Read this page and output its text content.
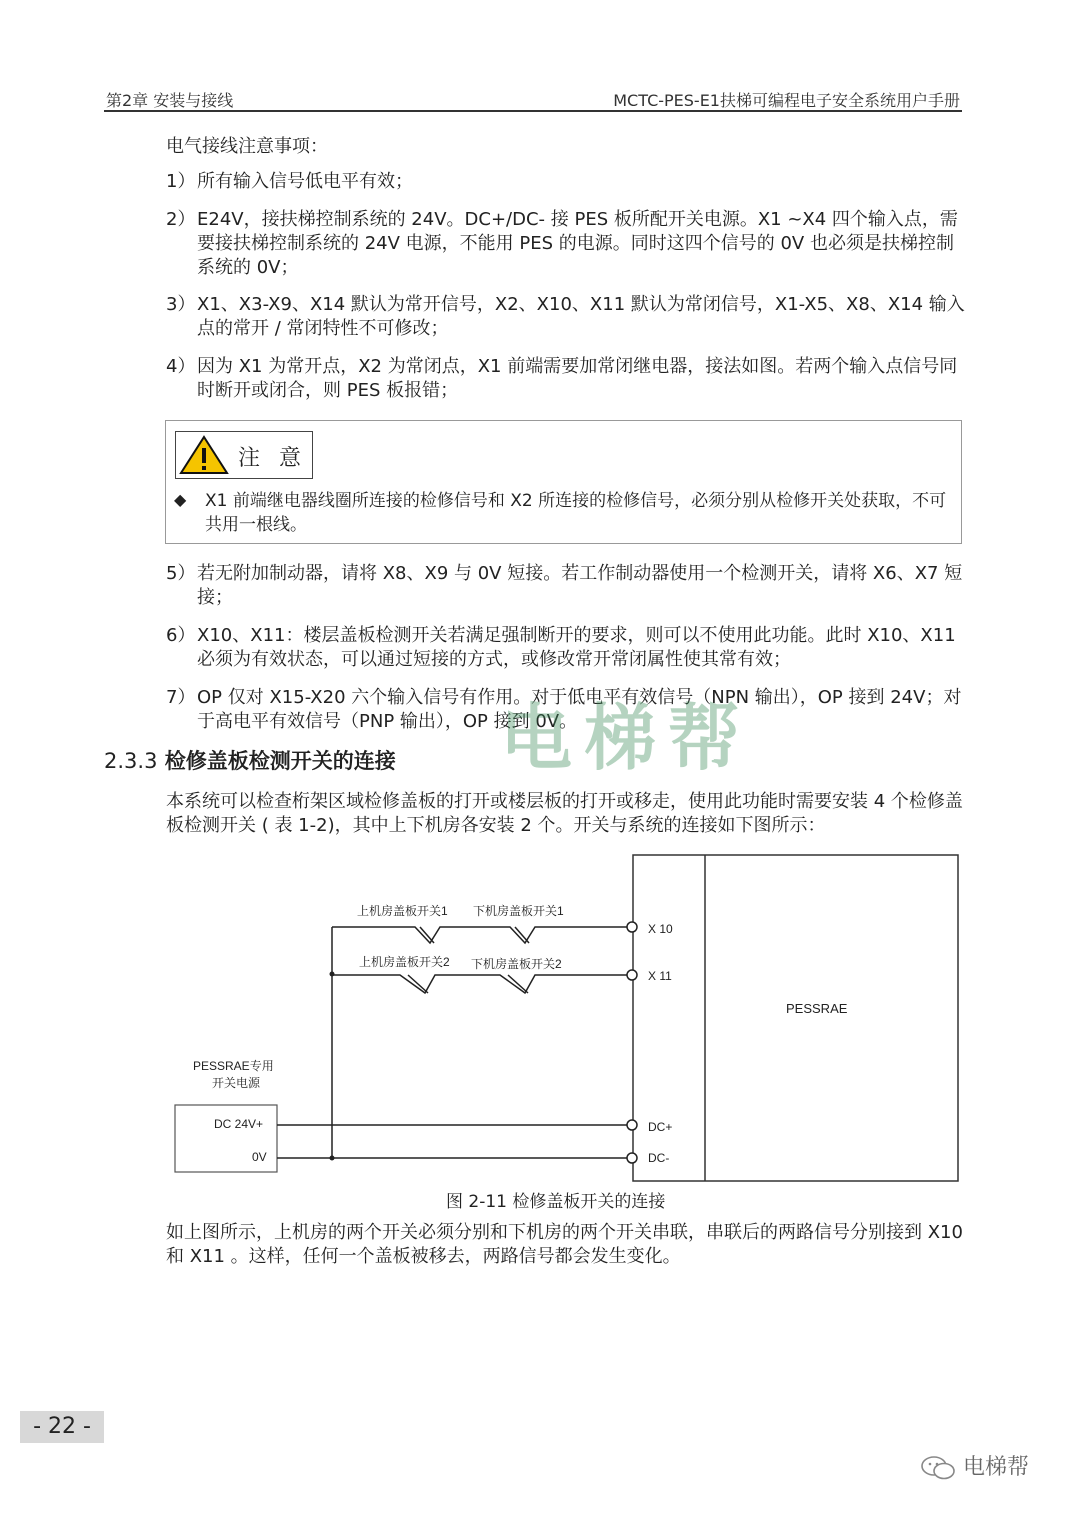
第2章 安装与接线	MCTC-PES-E1扶梯可编程电子安全系统用户手册
电气接线注意事项：
1） 所有输入信号低电平有效；
2） E24V，接扶梯控制系统的 24V。DC+/DC- 接 PES 板所配开关电源。X1 ~X4 四个输入点，需要接扶梯控制系统的 24V 电源，不能用 PES 的电源。同时这四个信号的 0V 也必须是扶梯控制系统的 0V；
3） X1、X3-X9、X14 默认为常开信号，X2、X10、X11 默认为常闭信号，X1-X5、X8、X14 输入点的常开 / 常闭特性不可修改；
4） 因为 X1 为常开点，X2 为常闭点，X1 前端需要加常闭继电器，接法如图。若两个输入点信号同时断开或闭合，则 PES 板报错；
注 意
◆ X1 前端继电器线圈所连接的检修信号和 X2 所连接的检修信号，必须分别从检修开关处获取，不可共用一根线。
5） 若无附加制动器，请将 X8、X9 与 0V 短接。若工作制动器使用一个检测开关，请将 X6、X7 短接；
6） X10、X11：楼层盖板检测开关若满足强制断开的要求，则可以不使用此功能。此时 X10、X11 必须为有效状态，可以通过短接的方式，或修改常开常闭属性使其常有效；
7） OP 仅对 X15-X20 六个输入信号有作用。对于低电平有效信号（NPN 输出），OP 接到 24V；对于高电平有效信号（PNP 输出），OP 接到 0V。
电梯帮
2.3.3 检修盖板检测开关的连接
本系统可以检查桁架区域检修盖板的打开或楼层板的打开或移走，使用此功能时需要安装 4 个检修盖板检测开关 ( 表 1-2)，其中上下机房各安装 2 个。开关与系统的连接如下图所示：
PESSRAE
上机房盖板开关1 下机房盖板开关1
X 10
上机房盖板开关2 下机房盖板开关2
X 11
PESSRAE专用
开关电源
DC 24V+
0V
DC+
DC-
图 2-11 检修盖板开关的连接
如上图所示，上机房的两个开关必须分别和下机房的两个开关串联，串联后的两路信号分别接到 X10 和 X11 。这样，任何一个盖板被移去，两路信号都会发生变化。
- 22 -
电梯帮
